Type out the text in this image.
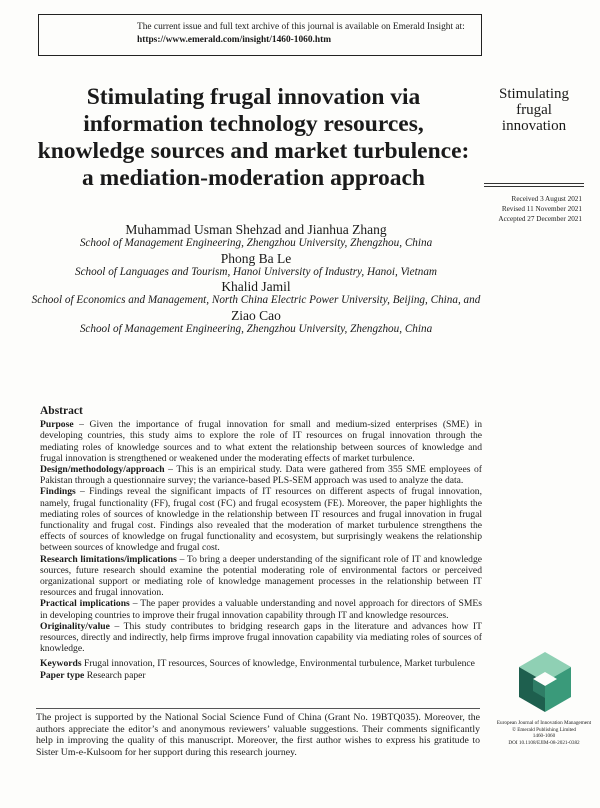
The current issue and full text archive of this journal is available on Emerald Insight at:
https://www.emerald.com/insight/1460-1060.htm
Stimulating frugal innovation via information technology resources, knowledge sources and market turbulence: a mediation-moderation approach
Stimulating frugal innovation
Received 3 August 2021
Revised 11 November 2021
Accepted 27 December 2021
Muhammad Usman Shehzad and Jianhua Zhang
School of Management Engineering, Zhengzhou University, Zhengzhou, China
Phong Ba Le
School of Languages and Tourism, Hanoi University of Industry, Hanoi, Vietnam
Khalid Jamil
School of Economics and Management, North China Electric Power University, Beijing, China, and
Ziao Cao
School of Management Engineering, Zhengzhou University, Zhengzhou, China
Abstract

Purpose – Given the importance of frugal innovation for small and medium-sized enterprises (SME) in developing countries, this study aims to explore the role of IT resources on frugal innovation through the mediating roles of knowledge sources and to what extent the relationship between sources of knowledge and frugal innovation is strengthened or weakened under the moderating effects of market turbulence.

Design/methodology/approach – This is an empirical study. Data were gathered from 355 SME employees of Pakistan through a questionnaire survey; the variance-based PLS-SEM approach was used to analyze the data.

Findings – Findings reveal the significant impacts of IT resources on different aspects of frugal innovation, namely, frugal functionality (FF), frugal cost (FC) and frugal ecosystem (FE). Moreover, the paper highlights the mediating roles of sources of knowledge in the relationship between IT resources and frugal innovation in frugal functionality and frugal cost. Findings also revealed that the moderation of market turbulence strengthens the effects of sources of knowledge on frugal functionality and ecosystem, but surprisingly weakens the relationship between sources of knowledge and frugal cost.

Research limitations/implications – To bring a deeper understanding of the significant role of IT and knowledge sources, future research should examine the potential moderating role of environmental factors or perceived organizational support or mediating role of knowledge management processes in the relationship between IT resources and frugal innovation.

Practical implications – The paper provides a valuable understanding and novel approach for directors of SMEs in developing countries to improve their frugal innovation capability through IT and knowledge resources.

Originality/value – This study contributes to bridging research gaps in the literature and advances how IT resources, directly and indirectly, help firms improve frugal innovation capability via mediating roles of sources of knowledge.

Keywords Frugal innovation, IT resources, Sources of knowledge, Environmental turbulence, Market turbulence
Paper type Research paper
The project is supported by the National Social Science Fund of China (Grant No. 19BTQ035). Moreover, the authors appreciate the editor’s and anonymous reviewers’ valuable suggestions. Their comments significantly help in improving the quality of this manuscript. Moreover, the first author wishes to express his gratitude to Sister Um-e-Kulsoom for her support during this research journey.
European Journal of Innovation Management
© Emerald Publishing Limited
1460-1060
DOI 10.1108/EJIM-08-2021-0382
